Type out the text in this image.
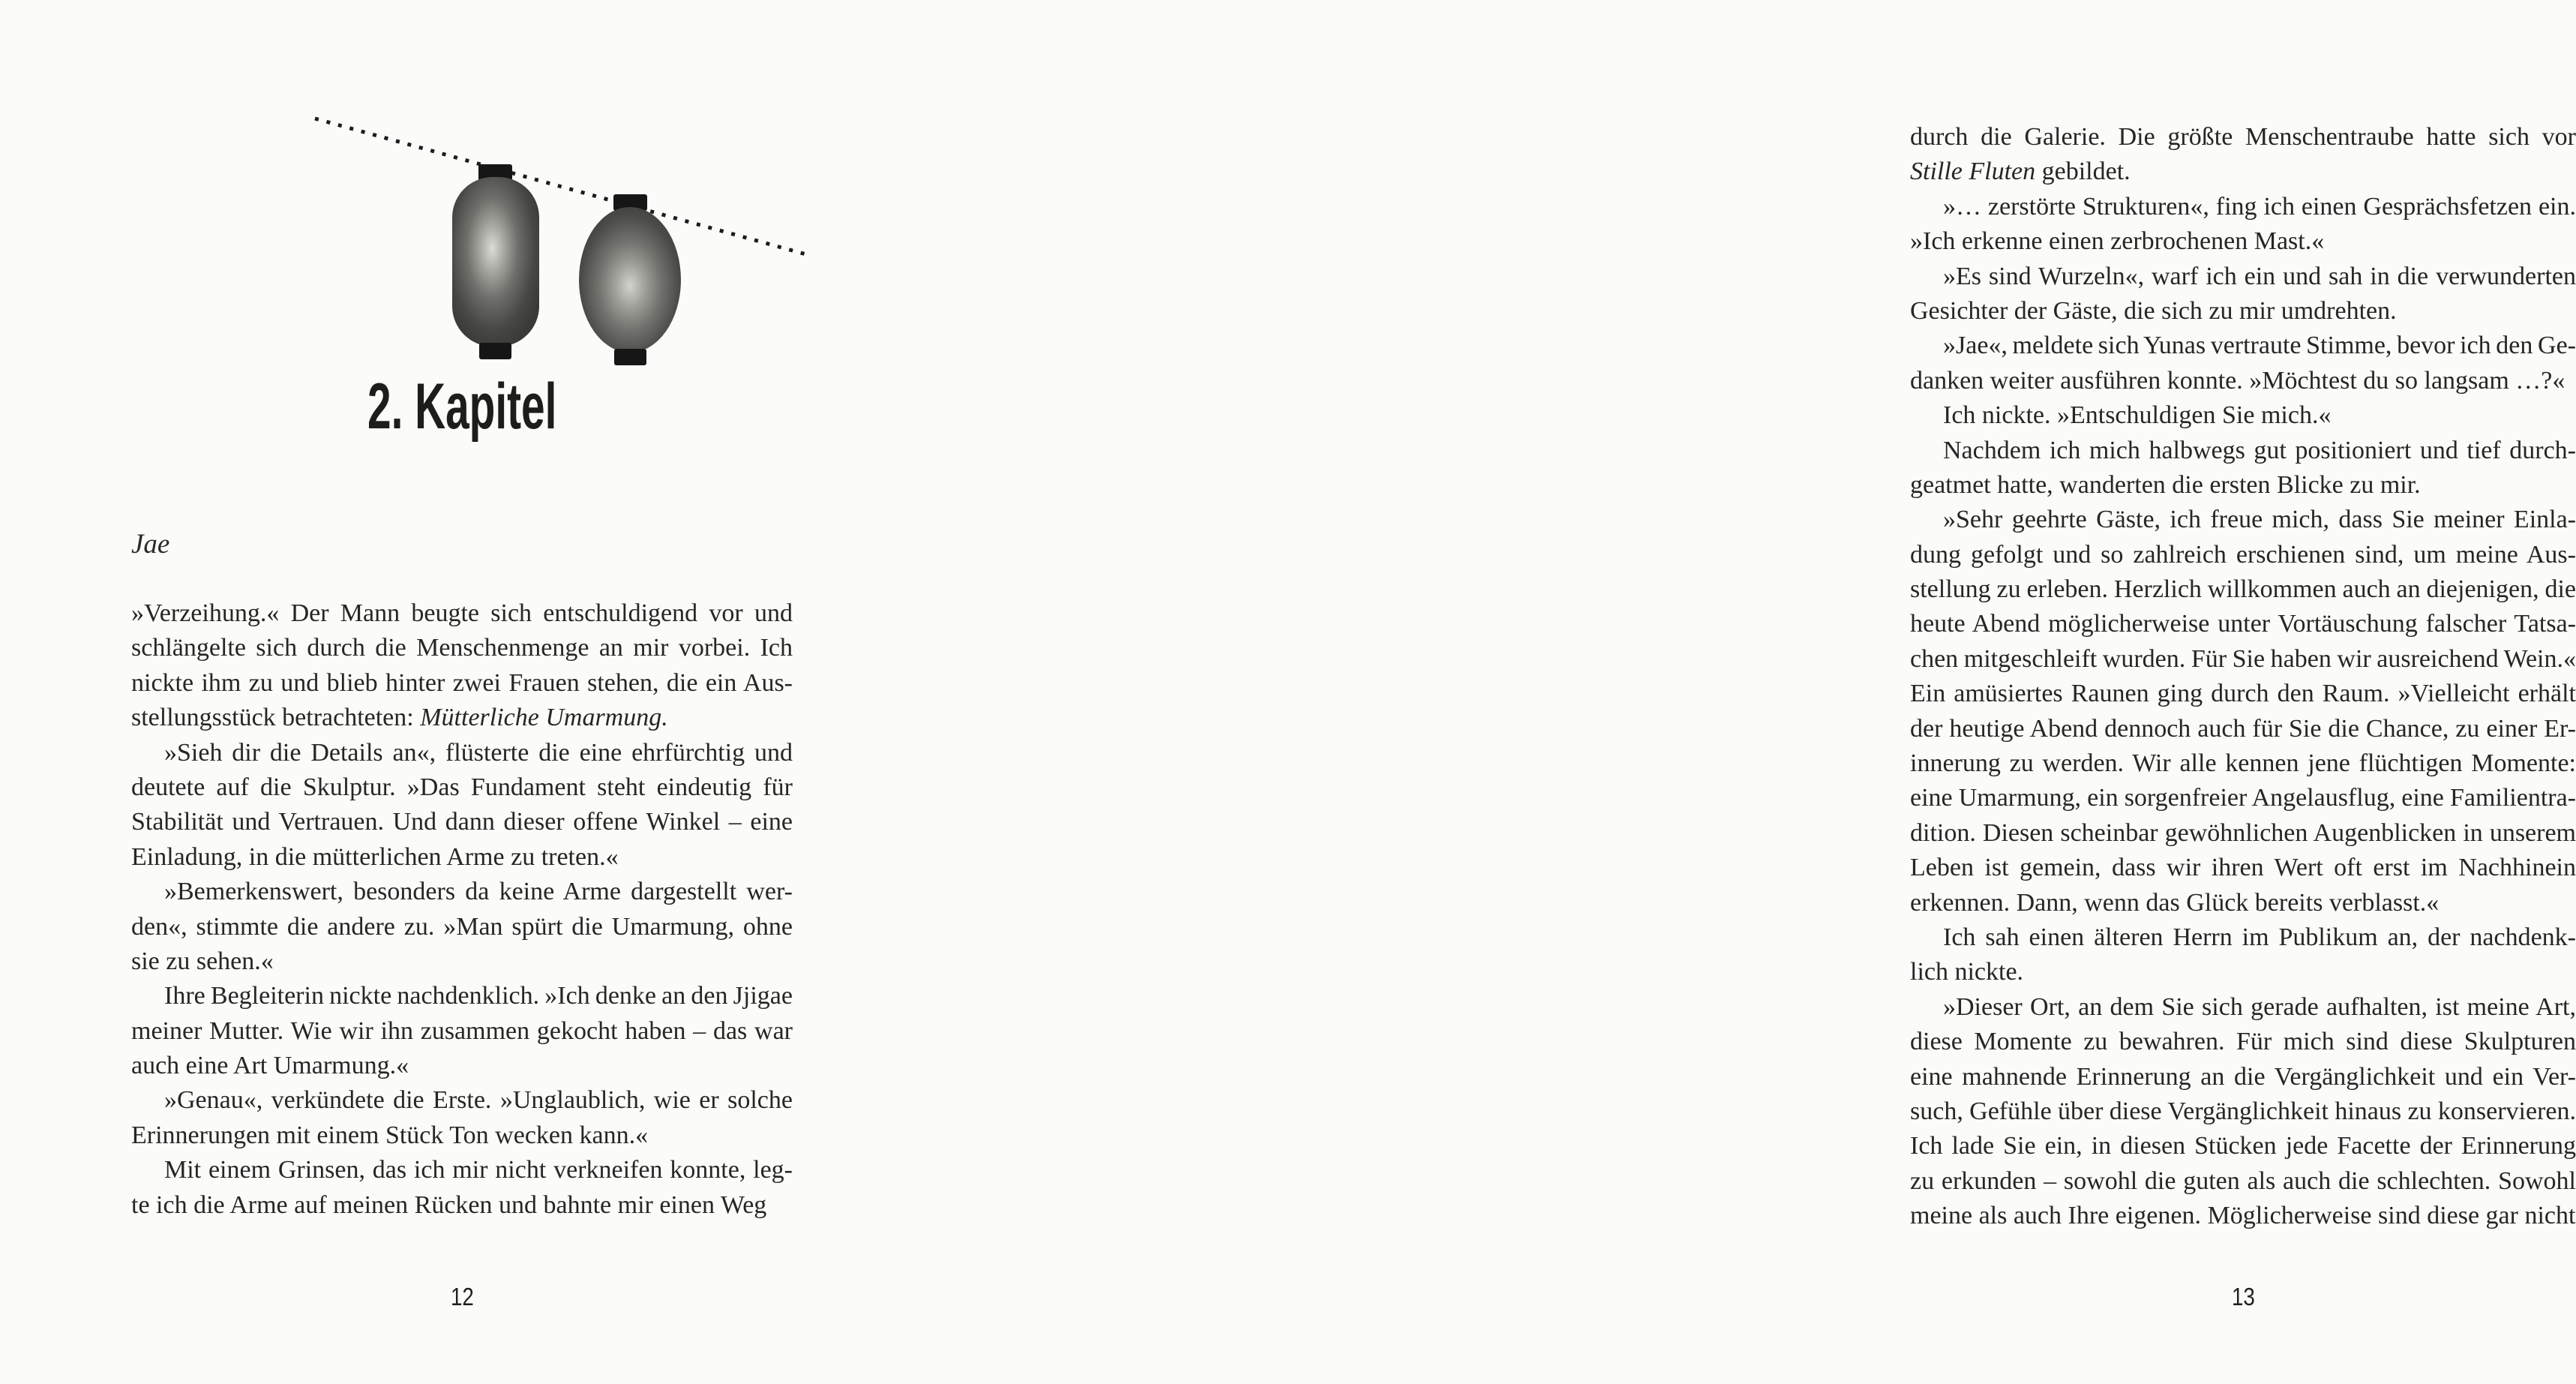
2. Kapitel
Jae
»Verzeihung.« Der Mann beugte sich entschuldigend vor und
schlängelte sich durch die Menschenmenge an mir vorbei. Ich
nickte ihm zu und blieb hinter zwei Frauen stehen, die ein Aus-
stellungsstück betrachteten: Mütterliche Umarmung.
»Sieh dir die Details an«, flüsterte die eine ehrfürchtig und
deutete auf die Skulptur. »Das Fundament steht eindeutig für
Stabilität und Vertrauen. Und dann dieser offene Winkel – eine
Einladung, in die mütterlichen Arme zu treten.«
»Bemerkenswert, besonders da keine Arme dargestellt wer-
den«, stimmte die andere zu. »Man spürt die Umarmung, ohne
sie zu sehen.«
Ihre Begleiterin nickte nachdenklich. »Ich denke an den Jjigae
meiner Mutter. Wie wir ihn zusammen gekocht haben – das war
auch eine Art Umarmung.«
»Genau«, verkündete die Erste. »Unglaublich, wie er solche
Erinnerungen mit einem Stück Ton wecken kann.«
Mit einem Grinsen, das ich mir nicht verkneifen konnte, leg-
te ich die Arme auf meinen Rücken und bahnte mir einen Weg
12
durch die Galerie. Die größte Menschentraube hatte sich vor
Stille Fluten gebildet.
»… zerstörte Strukturen«, fing ich einen Gesprächsfetzen ein.
»Ich erkenne einen zerbrochenen Mast.«
»Es sind Wurzeln«, warf ich ein und sah in die verwunderten
Gesichter der Gäste, die sich zu mir umdrehten.
»Jae«, meldete sich Yunas vertraute Stimme, bevor ich den Ge-
danken weiter ausführen konnte. »Möchtest du so langsam …?«
Ich nickte. »Entschuldigen Sie mich.«
Nachdem ich mich halbwegs gut positioniert und tief durch-
geatmet hatte, wanderten die ersten Blicke zu mir.
»Sehr geehrte Gäste, ich freue mich, dass Sie meiner Einla-
dung gefolgt und so zahlreich erschienen sind, um meine Aus-
stellung zu erleben. Herzlich willkommen auch an diejenigen, die
heute Abend möglicherweise unter Vortäuschung falscher Tatsa-
chen mitgeschleift wurden. Für Sie haben wir ausreichend Wein.«
Ein amüsiertes Raunen ging durch den Raum. »Vielleicht erhält
der heutige Abend dennoch auch für Sie die Chance, zu einer Er-
innerung zu werden. Wir alle kennen jene flüchtigen Momente:
eine Umarmung, ein sorgenfreier Angelausflug, eine Familientra-
dition. Diesen scheinbar gewöhnlichen Augenblicken in unserem
Leben ist gemein, dass wir ihren Wert oft erst im Nachhinein
erkennen. Dann, wenn das Glück bereits verblasst.«
Ich sah einen älteren Herrn im Publikum an, der nachdenk-
lich nickte.
»Dieser Ort, an dem Sie sich gerade aufhalten, ist meine Art,
diese Momente zu bewahren. Für mich sind diese Skulpturen
eine mahnende Erinnerung an die Vergänglichkeit und ein Ver-
such, Gefühle über diese Vergänglichkeit hinaus zu konservieren.
Ich lade Sie ein, in diesen Stücken jede Facette der Erinnerung
zu erkunden – sowohl die guten als auch die schlechten. Sowohl
meine als auch Ihre eigenen. Möglicherweise sind diese gar nicht
13
